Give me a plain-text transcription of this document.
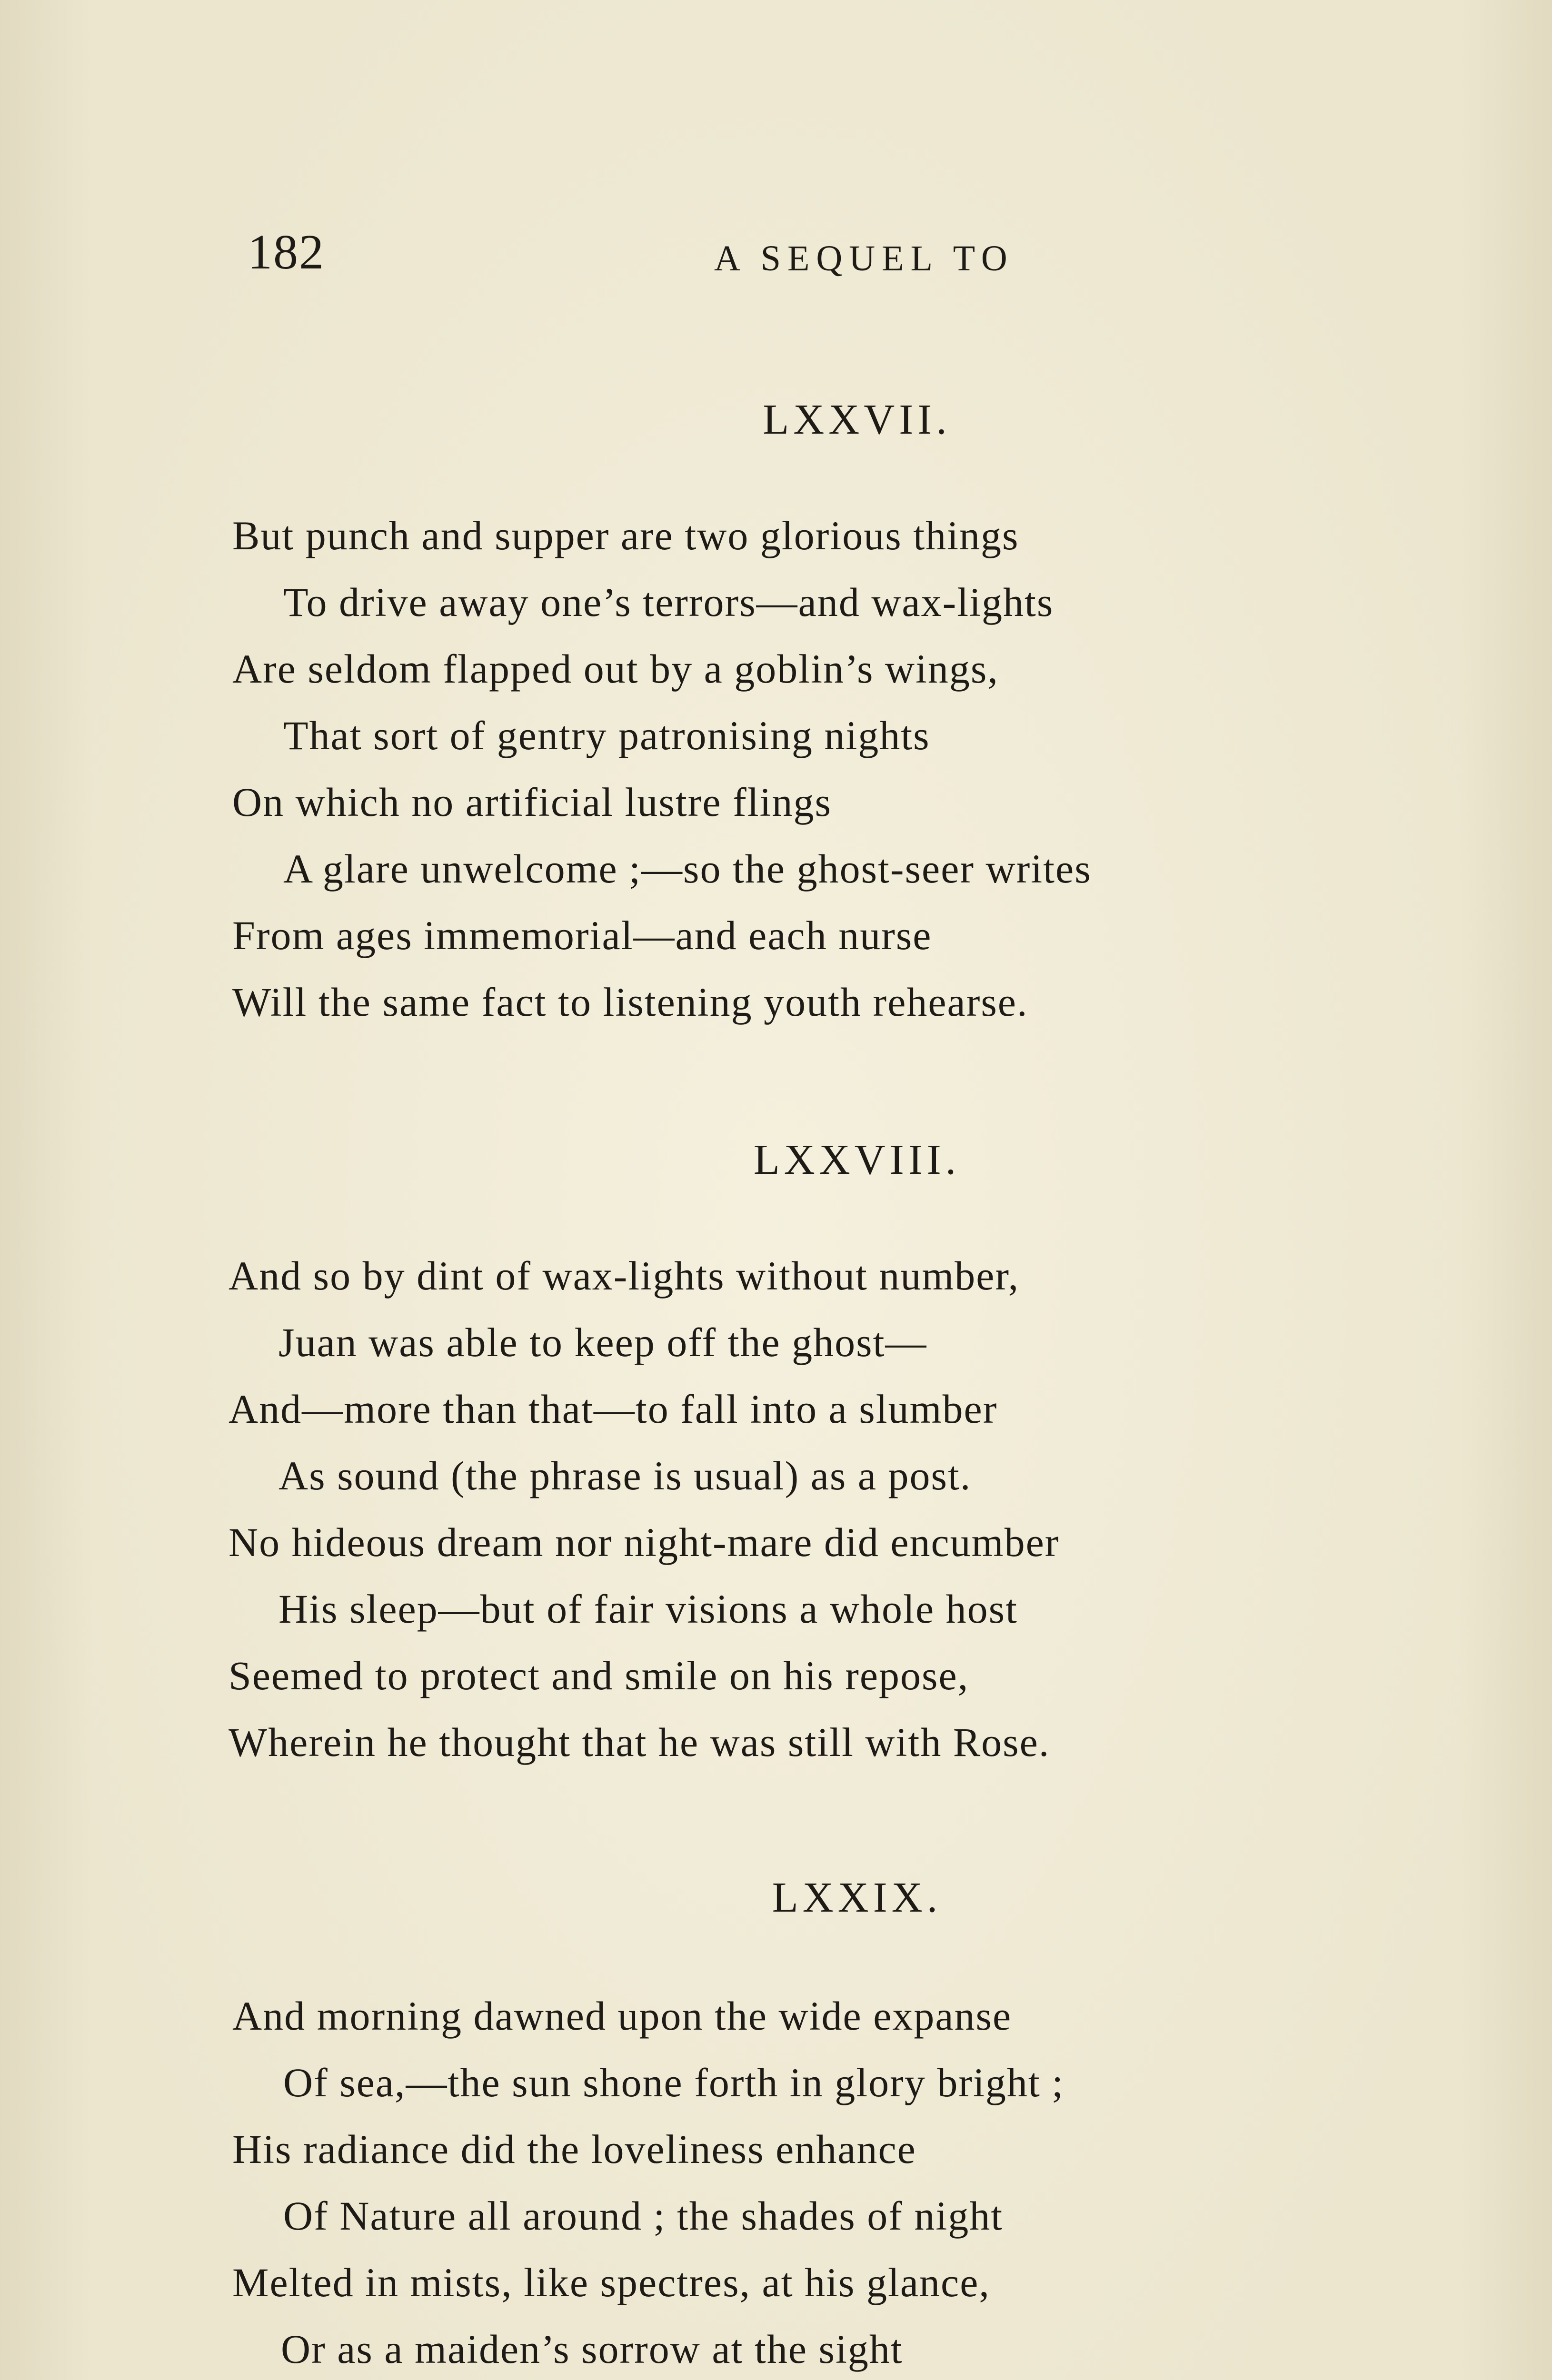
182	A SEQUEL TO
LXXVII.
But punch and supper are two glorious things
To drive away one’s terrors—and wax-lights
Are seldom flapped out by a goblin’s wings,
That sort of gentry patronising nights
On which no artificial lustre flings
A glare unwelcome ;—so the ghost-seer writes
From ages immemorial—and each nurse
Will the same fact to listening youth rehearse.
LXXVIII.
And so by dint of wax-lights without number,
Juan was able to keep off the ghost—
And—more than that—to fall into a slumber
As sound (the phrase is usual) as a post.
No hideous dream nor night-mare did encumber
His sleep—but of fair visions a whole host
Seemed to protect and smile on his repose,
Wherein he thought that he was still with Rose.
LXXIX.
And morning dawned upon the wide expanse
Of sea,—the sun shone forth in glory bright ;
His radiance did the loveliness enhance
Of Nature all around ; the shades of night
Melted in mists, like spectres, at his glance,
Or as a maiden’s sorrow at the sight
